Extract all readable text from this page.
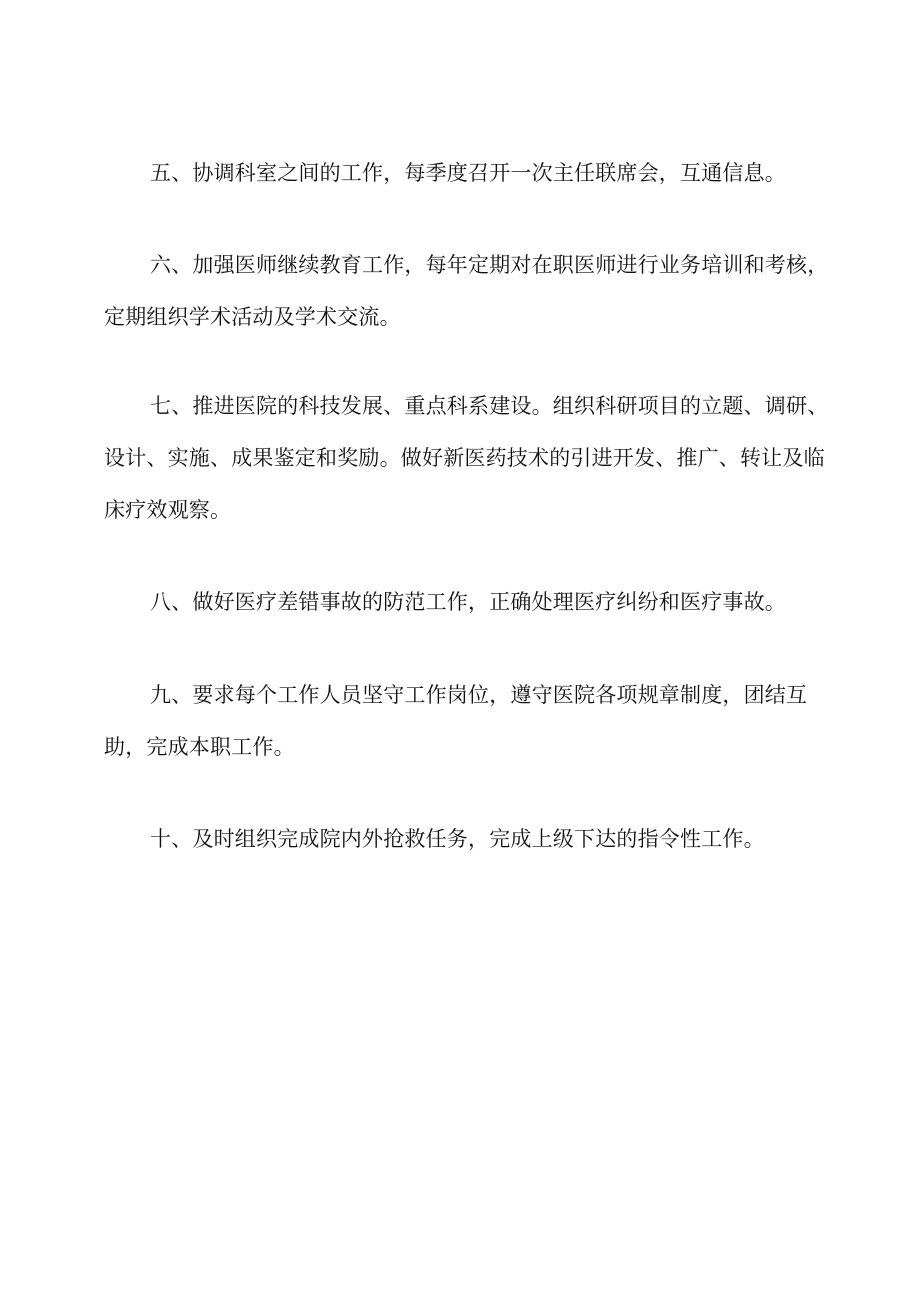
五、协调科室之间的工作，每季度召开一次主任联席会，互通信息。

六、加强医师继续教育工作，每年定期对在职医师进行业务培训和考核，定期组织学术活动及学术交流。

七、推进医院的科技发展、重点科系建设。组织科研项目的立题、调研、设计、实施、成果鉴定和奖励。做好新医药技术的引进开发、推广、转让及临床疗效观察。

八、做好医疗差错事故的防范工作，正确处理医疗纠纷和医疗事故。

九、要求每个工作人员坚守工作岗位，遵守医院各项规章制度，团结互助，完成本职工作。

十、及时组织完成院内外抢救任务，完成上级下达的指令性工作。
